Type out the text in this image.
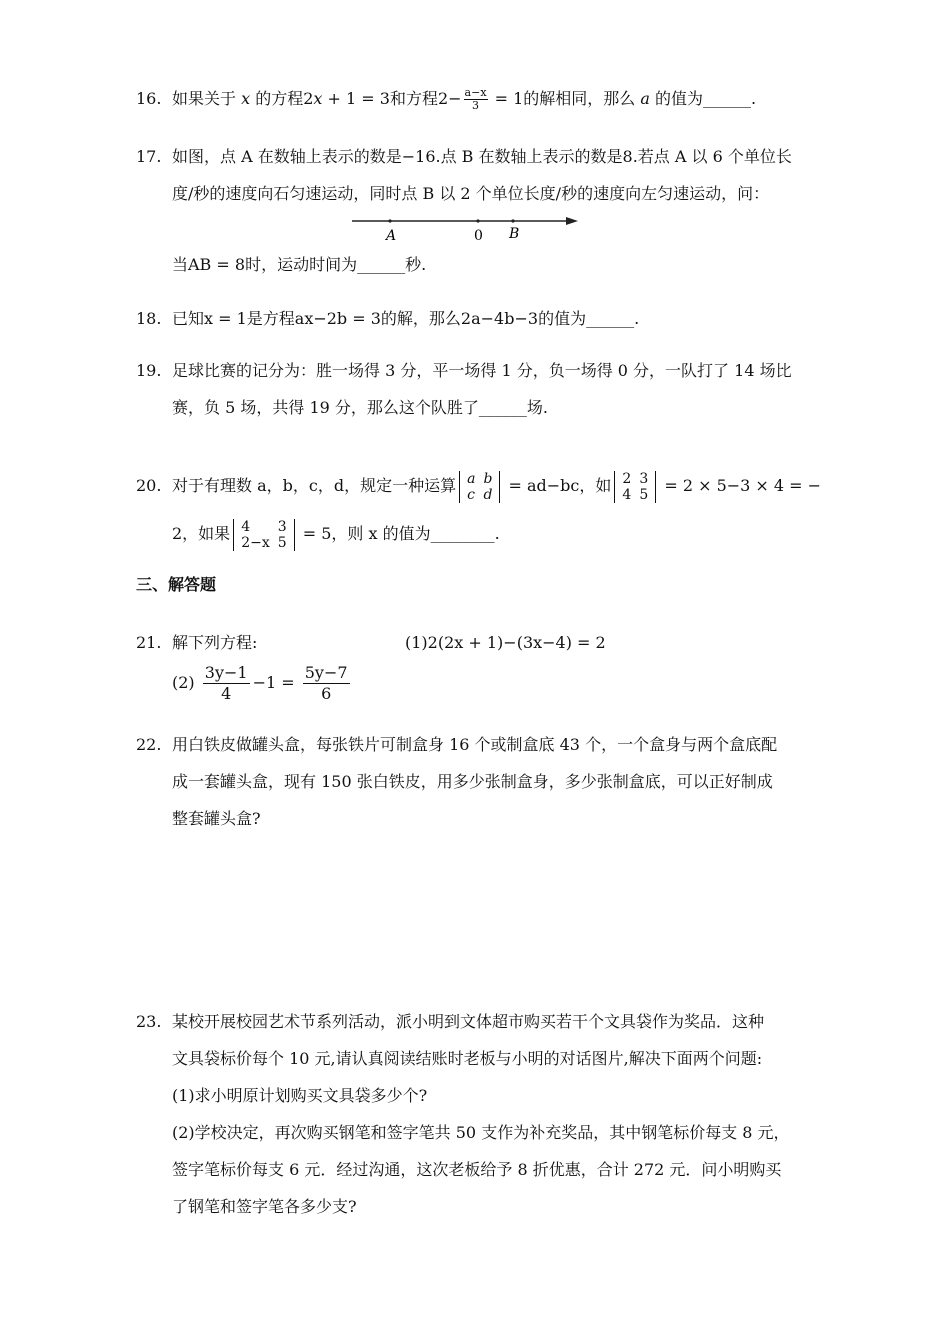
16. 如果关于 x 的方程2x + 1 = 3和方程$2- \frac{a-x}{3} = 1$的解相同，那么 a 的值为______.
17. 如图，点 A 在数轴上表示的数是−16.点 B 在数轴上表示的数是8.若点 A 以 6 个单位长
度/秒的速度向石匀速运动，同时点 B 以 2 个单位长度/秒的速度向左匀速运动，问：
当AB = 8时，运动时间为______秒.
A	0 B
18. 已知x = 1是方程ax−2b = 3的解，那么2a−4b−3的值为______.
19. 足球比赛的记分为：胜一场得 3 分，平一场得 1 分，负一场得 0 分，一队打了 14 场比
赛，负 5 场，共得 19 分，那么这个队胜了______场.
20. 对于有理数 a，b，c，d，规定一种运算 a	b
c	d = ad−bc，如 2	3
4	5 = 2 × 5−3 × 4 = −
2，如果 4	3
2−x	5 = 5，则 x 的值为________.
三、解答题
21. 解下列方程:	(1)2(2x + 1)−(3x−4) = 2
$(2) \frac{3y-1}{4} -1 = \frac{5y-7}{6}$
22. 用白铁皮做罐头盒，每张铁片可制盒身 16 个或制盒底 43 个，一个盒身与两个盒底配
成一套罐头盒，现有 150 张白铁皮，用多少张制盒身，多少张制盒底，可以正好制成
整套罐头盒?
23. 某校开展校园艺术节系列活动，派小明到文体超市购买若干个文具袋作为奖品．这种
文具袋标价每个 10 元,请认真阅读结账时老板与小明的对话图片,解决下面两个问题:
(1)求小明原计划购买文具袋多少个?
(2)学校决定，再次购买钢笔和签字笔共 50 支作为补充奖品，其中钢笔标价每支 8 元，
签字笔标价每支 6 元．经过沟通，这次老板给予 8 折优惠，合计 272 元．问小明购买
了钢笔和签字笔各多少支?
